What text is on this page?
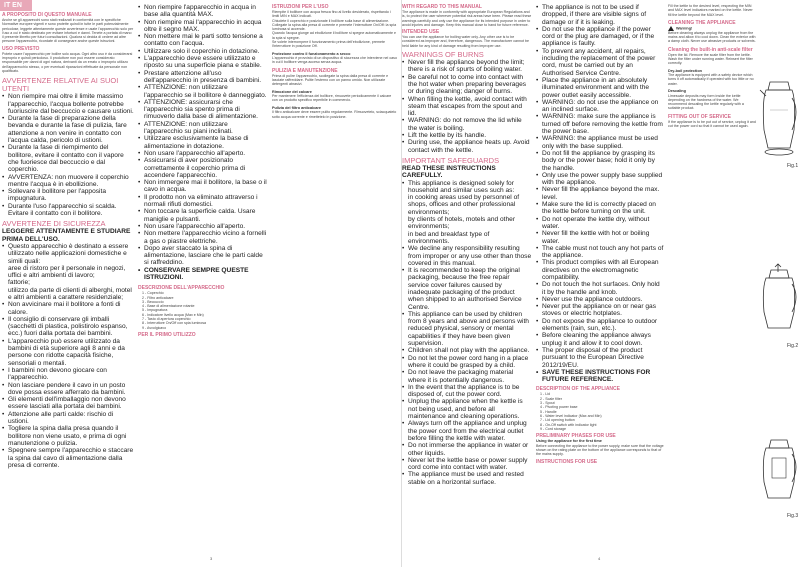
IT EN

A PROPOSITO DI QUESTO MANUALE

Anche se gli apparecchi sono stati realizzati in conformità con le specifiche Normative europee vigenti e sono protette quindi in tutte le parti potenzialmente pericolose, leggete attentamente queste avvertenze e usate l'apparecchio solo per l'uso a cui è stato destinato per evitare infortuni e danni. Tenete a portata di mano il presente libretto per futuri consultazioni. Qualora si decida di cedere ad altre persone l'apparecchio, ricordate di consegnare anche queste istruzioni.

USO PREVISTO

Potete usare l'apparecchio per bollire solo acqua. Ogni altro uso è da considerarsi improprio e quindi pericoloso. Il produttore non può essere considerato responsabile per danni di ogni natura, derivanti da un errato o improprio utilizzo dell'apparecchio stesso, o per eventuali riparazioni effettuate da personale non qualificato.

AVVERTENZE RELATIVE AI SUOI UTENTI

• Non riempire mai oltre il limite massimo l'apparecchio, l'acqua bollente potrebbe fuoriuscire dal beccuccio e causare ustioni.

• Durante la fase di preparazione della bevanda e durante la fase di pulizia, fare attenzione a non venire in contatto con l'acqua calda, pericolo di ustioni.

• Durante la fase di riempimento del bollitore, evitare il contatto con il vapore che fuoriesce dal beccuccio e dal coperchio.

• AVVERTENZA: non muovere il coperchio mentre l'acqua è in ebollizione.

• Sollevare il bollitore per l'apposita impugnatura.

• Durante l'uso l'apparecchio si scalda. Evitare il contatto con il bollitore.

AVVERTENZE DI SICUREZZA

LEGGERE ATTENTAMENTE E STUDIARE PRIMA DELL'USO.

• Questo apparecchio è destinato a essere utilizzato nelle applicazioni domestiche e simili quali:

aree di ristoro per il personale in negozi, uffici e altri ambienti di lavoro;

fattorie;

utilizzo da parte di clienti di alberghi, motel e altri ambienti a carattere residenziale;

• Non avvicinare mai il bollitore a fonti di calore.

• Il consiglio di conservare gli imballi (sacchetti di plastica, polistirolo espanso, ecc.) fuori dalla portata dei bambini.

• L'apparecchio può essere utilizzato da bambini di età superiore agli 8 anni e da persone con ridotte capacità fisiche, sensoriali o mentali.

• I bambini non devono giocare con l'apparecchio.

• Non lasciare pendere il cavo in un posto dove possa essere afferrato da bambini.

• Gli elementi dell'imballaggio non devono essere lasciati alla portata dei bambini.

• Attenzione alle parti calde: rischio di ustioni.

• Togliere la spina dalla presa quando il bollitore non viene usato, e prima di ogni manutenzione o pulizia.

• Spegnere sempre l'apparecchio e staccare la spina dal cavo di alimentazione dalla presa di corrente.

• Non riempire l'apparecchio in acqua in base alla quantità MAX.

• Non riempire mai l'apparecchio in acqua oltre il segno MAX.

• Non mettere mai le parti sotto tensione a contatto con l'acqua.

• Utilizzare solo il coperchio in dotazione.

• L'apparecchio deve essere utilizzato e riposto su una superficie piana e stabile.

• Prestare attenzione all'uso dell'apparecchio in presenza di bambini.

• ATTENZIONE: non utilizzare l'apparecchio se il bollitore è danneggiato.

• ATTENZIONE: assicurarsi che l'apparecchio sia spento prima di rimuoverlo dalla base di alimentazione.

• ATTENZIONE: non utilizzare l'apparecchio su piani inclinati.

• Utilizzare esclusivamente la base di alimentazione in dotazione.

• Non usare l'apparecchio all'aperto.

• Assicurarsi di aver posizionato correttamente il coperchio prima di accendere l'apparecchio.

• Non immergere mai il bollitore, la base o il cavo in acqua.

• Il prodotto non va eliminato attraverso i normali rifiuti domestici.

• Non toccare la superficie calda. Usare maniglie e pulsanti.

• Non usare l'apparecchio all'aperto.

• Non mettere l'apparecchio vicino a fornelli a gas o piastre elettriche.

• Dopo aver staccato la spina di alimentazione, lasciare che le parti calde si raffreddino.

• CONSERVARE SEMPRE QUESTE ISTRUZIONI.

DESCRIZIONE DELL'APPARECCHIO

1 - Coperchio

2 - Filtro anticalcare

3 - Beccuccio

4 - Base di alimentazione rotante

5 - Impugnatura

6 - Indicatore livello acqua (Max e Min)

7 - Tasto di apertura coperchio

8 - Interruttore On/Off con spia luminosa

9 - Avvolgicavo

PER IL PRIMO UTILIZZO

3

ISTRUZIONI PER L'USO

Riempite il bollitore con acqua fresca fino al livello desiderato, rispettando i limiti MIN e MAX indicati.

Chiudete il coperchio e posizionate il bollitore sulla base di alimentazione.

Collegate la spina alla presa di corrente e premete l'interruttore On/Off: la spia luminosa si accende.

Quando l'acqua giunge ad ebollizione il bollitore si spegne automaticamente e la spia si spegne.

Se volete interrompere il funzionamento prima dell'ebollizione, premete l'interruttore in posizione Off.

Protezione contro il funzionamento a secco

L'apparecchio è provvisto di un dispositivo di sicurezza che interviene nel caso in cui il bollitore venga acceso senza acqua.

PULIZIA E MANUTENZIONE

Prima di pulire l'apparecchio, scollegate la spina dalla presa di corrente e lasciate raffreddare. Pulite l'esterno con un panno umido. Non utilizzate detergenti abrasivi.

Rimozione del calcare

Per mantenere l'efficienza del bollitore, rimuovete periodicamente il calcare con un prodotto specifico reperibile in commercio.

Pulizia del filtro anticalcare

Il filtro anticalcare deve essere pulito regolarmente. Rimuovetelo, sciacquatelo sotto acqua corrente e rimettetelo in posizione.

WITH REGARD TO THIS MANUAL

The appliance is made in conformity with appropriate European Regulations and is, to protect the user wherever potential risk areas have been. Please read these warnings carefully and only use the appliance for its intended purpose in order to avoid injuries and damage. Keep this manual close to hand for future reference.

INTENDED USE

You can use the appliance for boiling water only. Any other use is to be considered as improper and, therefore, dangerous. The manufacturer cannot be held liable for any kind of damage resulting from improper use.

WARNINGS OF BURNS

• Never fill the appliance beyond the limit; there is a risk of spurts of boiling water.

• Be careful not to come into contact with the hot water when preparing beverages or during cleaning; danger of burns.

• When filling the kettle, avoid contact with steam that escapes from the spout and lid.

• WARNING: do not remove the lid while the water is boiling.

• Lift the kettle by its handle.

• During use, the appliance heats up. Avoid contact with the kettle.

IMPORTANT SAFEGUARDS

READ THESE INSTRUCTIONS CAREFULLY.

• This appliance is designed solely for household and similar uses such as:

in cooking areas used by personnel of shops, offices and other professional environments;

by clients of hotels, motels and other environments;

in bed and breakfast type of environments.

• We decline any responsibility resulting from improper or any use other than those covered in this manual.

• It is recommended to keep the original packaging, because the free repair service cover failures caused by inadequate packaging of the product when shipped to an authorised Service Centre.

• This appliance can be used by children from 8 years and above and persons with reduced physical, sensory or mental capabilities if they have been given supervision.

• Children shall not play with the appliance.

• Do not let the power cord hang in a place where it could be grasped by a child.

• Do not leave the packaging material where it is potentially dangerous.

• In the event that the appliance is to be disposed of, cut the power cord.

• Unplug the appliance when the kettle is not being used, and before all maintenance and cleaning operations.

• Always turn off the appliance and unplug the power cord from the electrical outlet before filling the kettle with water.

• Do not immerse the appliance in water or other liquids.

• Never let the kettle base or power supply cord come into contact with water.

• The appliance must be used and rested stable on a horizontal surface.

• The appliance is not to be used if dropped, if there are visible signs of damage or if it is leaking.

• Do not use the appliance if the power cord or the plug are damaged, or if the appliance is faulty.

• To prevent any accident, all repairs, including the replacement of the power cord, must be carried out by an Authorised Service Centre.

• Place the appliance in an absolutely illuminated environment and with the power outlet easily accessible.

• WARNING: do not use the appliance on an inclined surface.

• WARNING: make sure the appliance is turned off before removing the kettle from the power base.

• WARNING: the appliance must be used only with the base supplied.

• Do not fill the appliance by grasping its body or the power base; hold it only by the handle.

• Only use the power supply base supplied with the appliance.

• Never fill the appliance beyond the max. level.

• Make sure the lid is correctly placed on the kettle before turning on the unit.

• Do not operate the kettle dry, without water.

• Never fill the kettle with hot or boiling water.

• The cable must not touch any hot parts of the appliance.

• This product complies with all European directives on the electromagnetic compatibility.

• Do not touch the hot surfaces. Only hold it by the handle and knob.

• Never use the appliance outdoors.

• Never put the appliance on or near gas stoves or electric hotplates.

• Do not expose the appliance to outdoor elements (rain, sun, etc.).

• Before cleaning the appliance always unplug it and allow it to cool down.

• The proper disposal of the product pursuant to the European Directive 2012/19/EU.

• SAVE THESE INSTRUCTIONS FOR FUTURE REFERENCE.

DESCRIPTION OF THE APPLIANCE

1 - Lid

2 - Scale filter

3 - Spout

4 - Pivoting power base

5 - Handle

6 - Water level indicator (Max and Min)

7 - Lid opening button

8 - On-Off switch with indicator light

9 - Cord storage

PRELIMINARY PHASES FOR USE

Using the appliance for the first time

Before connecting the appliance to the power supply, make sure that the voltage shown on the rating plate on the bottom of the appliance corresponds to that of the mains supply.

INSTRUCTIONS FOR USE

4

Fill the kettle to the desired level, respecting the MIN and MAX level indicators marked on the kettle. Never fill the kettle beyond the MAX level.

CLEANING THE APPLIANCE

Warning!

Before cleaning always unplug the appliance from the mains and allow it to cool down. Clean the exterior with a damp cloth. Never use abrasive products or solvents.

Cleaning the built-in anti-scale filter

Open the lid. Remove the scale filter from the kettle. Wash the filter under running water. Reinsert the filter correctly.

Dry-boil protection

The appliance is equipped with a safety device which turns it off automatically if operated with too little or no water.

Descaling

Limescale deposits may form inside the kettle depending on the hardness of the water. We recommend descaling the kettle regularly with a suitable product.

FITTING OUT OF SERVICE

If the appliance is to be put out of service, unplug it and cut the power cord so that it cannot be used again.

Fig.1
Fig.2
Fig.3
